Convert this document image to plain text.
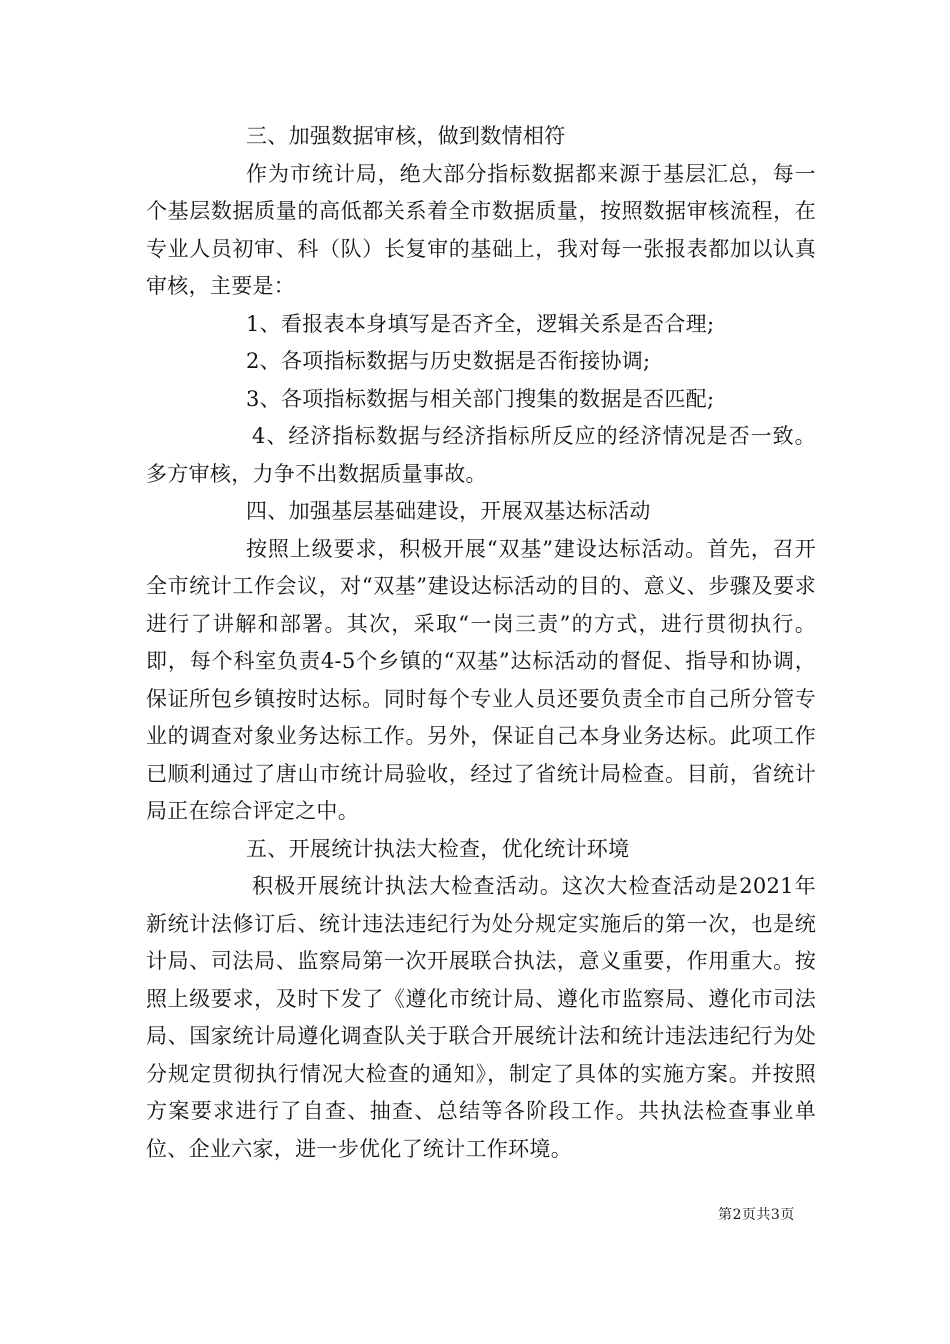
三、加强数据审核，做到数情相符

作为市统计局，绝大部分指标数据都来源于基层汇总，每一个基层数据质量的高低都关系着全市数据质量，按照数据审核流程，在专业人员初审、科（队）长复审的基础上，我对每一张报表都加以认真审核，主要是：

1、看报表本身填写是否齐全，逻辑关系是否合理;

2、各项指标数据与历史数据是否衔接协调;

3、各项指标数据与相关部门搜集的数据是否匹配;

4、经济指标数据与经济指标所反应的经济情况是否一致。多方审核，力争不出数据质量事故。

四、加强基层基础建设，开展双基达标活动

按照上级要求，积极开展“双基”建设达标活动。首先，召开全市统计工作会议，对“双基”建设达标活动的目的、意义、步骤及要求进行了讲解和部署。其次，采取“一岗三责”的方式，进行贯彻执行。即，每个科室负责4-5个乡镇的“双基”达标活动的督促、指导和协调，保证所包乡镇按时达标。同时每个专业人员还要负责全市自己所分管专业的调查对象业务达标工作。另外，保证自己本身业务达标。此项工作已顺利通过了唐山市统计局验收，经过了省统计局检查。目前，省统计局正在综合评定之中。

五、开展统计执法大检查，优化统计环境

积极开展统计执法大检查活动。这次大检查活动是2021年新统计法修订后、统计违法违纪行为处分规定实施后的第一次，也是统计局、司法局、监察局第一次开展联合执法，意义重要，作用重大。按照上级要求，及时下发了《遵化市统计局、遵化市监察局、遵化市司法局、国家统计局遵化调查队关于联合开展统计法和统计违法违纪行为处分规定贯彻执行情况大检查的通知》，制定了具体的实施方案。并按照方案要求进行了自查、抽查、总结等各阶段工作。共执法检查事业单位、企业六家，进一步优化了统计工作环境。

第2页共3页
